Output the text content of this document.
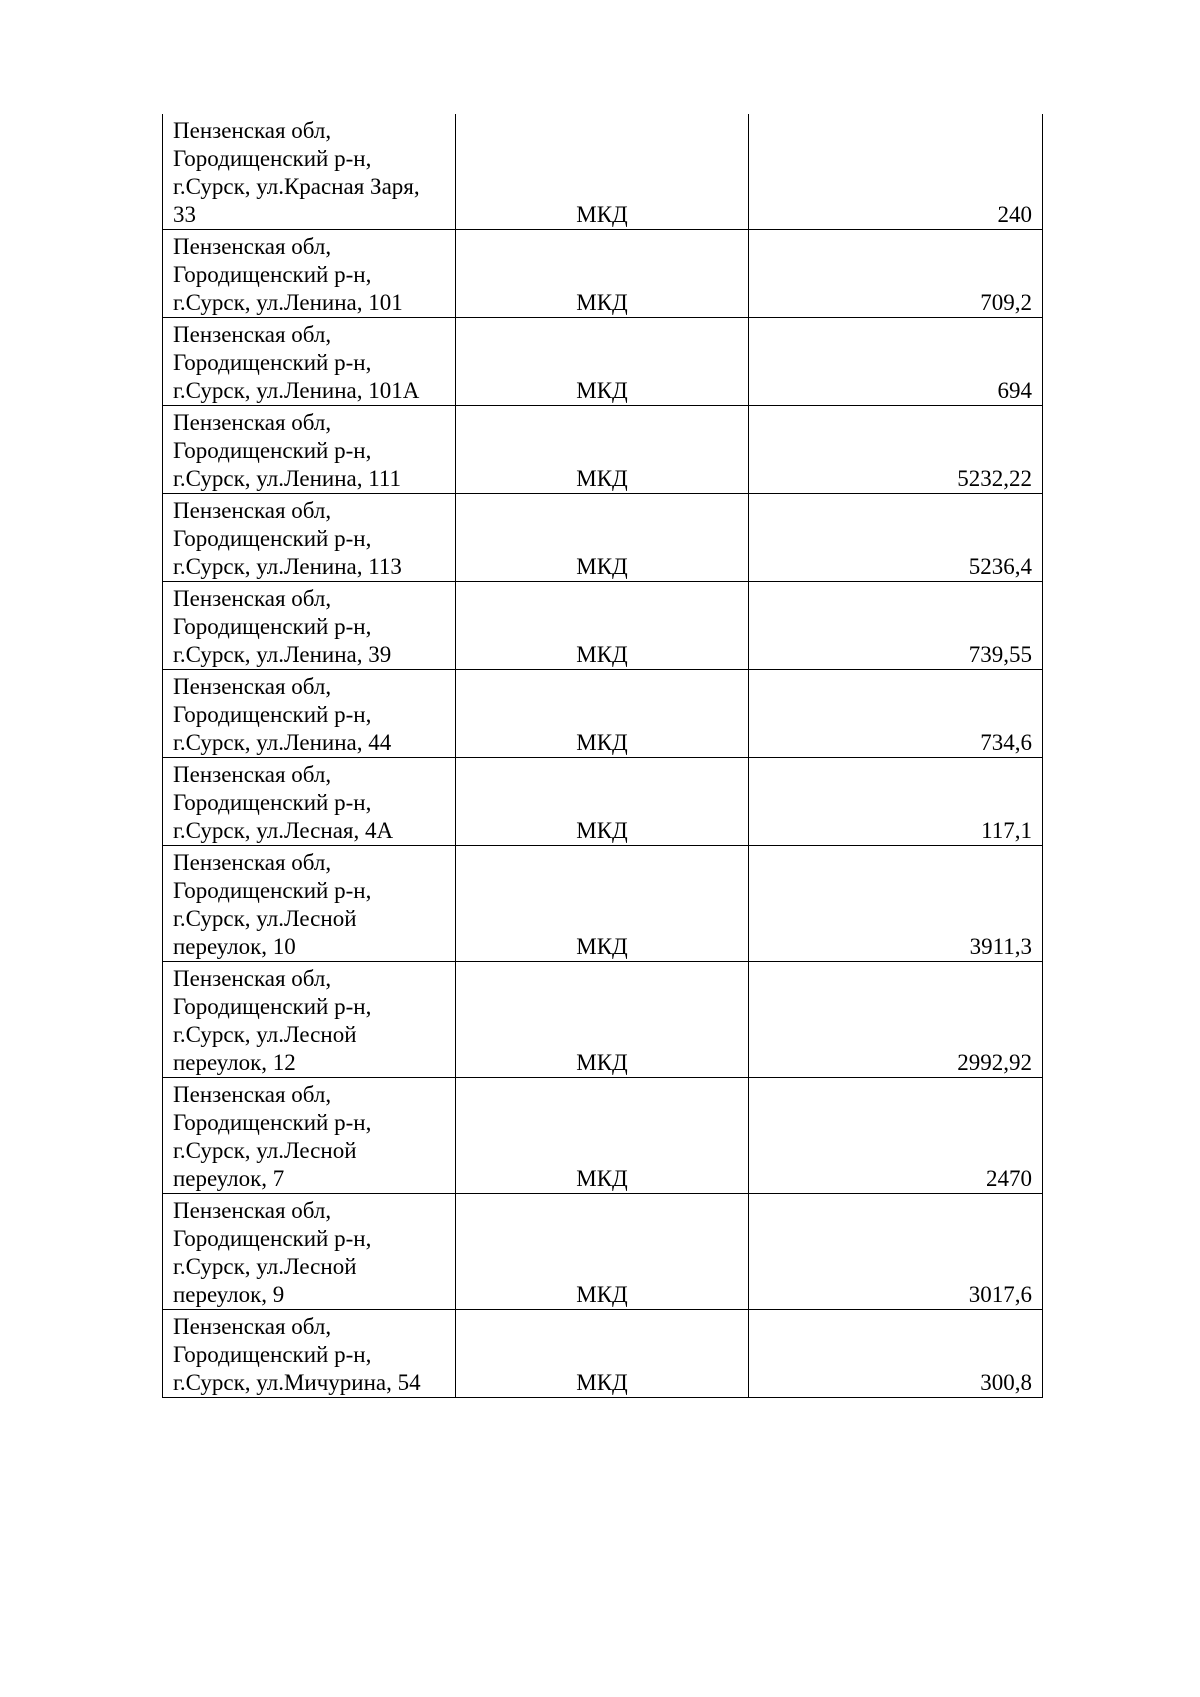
Пензенская обл,
Городищенский р-н,
г.Сурск, ул.Красная Заря,
33	МКД	240
Пензенская обл,
Городищенский р-н,
г.Сурск, ул.Ленина, 101	МКД	709,2
Пензенская обл,
Городищенский р-н,
г.Сурск, ул.Ленина, 101А	МКД	694
Пензенская обл,
Городищенский р-н,
г.Сурск, ул.Ленина, 111	МКД	5232,22
Пензенская обл,
Городищенский р-н,
г.Сурск, ул.Ленина, 113	МКД	5236,4
Пензенская обл,
Городищенский р-н,
г.Сурск, ул.Ленина, 39	МКД	739,55
Пензенская обл,
Городищенский р-н,
г.Сурск, ул.Ленина, 44	МКД	734,6
Пензенская обл,
Городищенский р-н,
г.Сурск, ул.Лесная, 4А	МКД	117,1
Пензенская обл,
Городищенский р-н,
г.Сурск, ул.Лесной
переулок, 10	МКД	3911,3
Пензенская обл,
Городищенский р-н,
г.Сурск, ул.Лесной
переулок, 12	МКД	2992,92
Пензенская обл,
Городищенский р-н,
г.Сурск, ул.Лесной
переулок, 7	МКД	2470
Пензенская обл,
Городищенский р-н,
г.Сурск, ул.Лесной
переулок, 9	МКД	3017,6
Пензенская обл,
Городищенский р-н,
г.Сурск, ул.Мичурина, 54	МКД	300,8
